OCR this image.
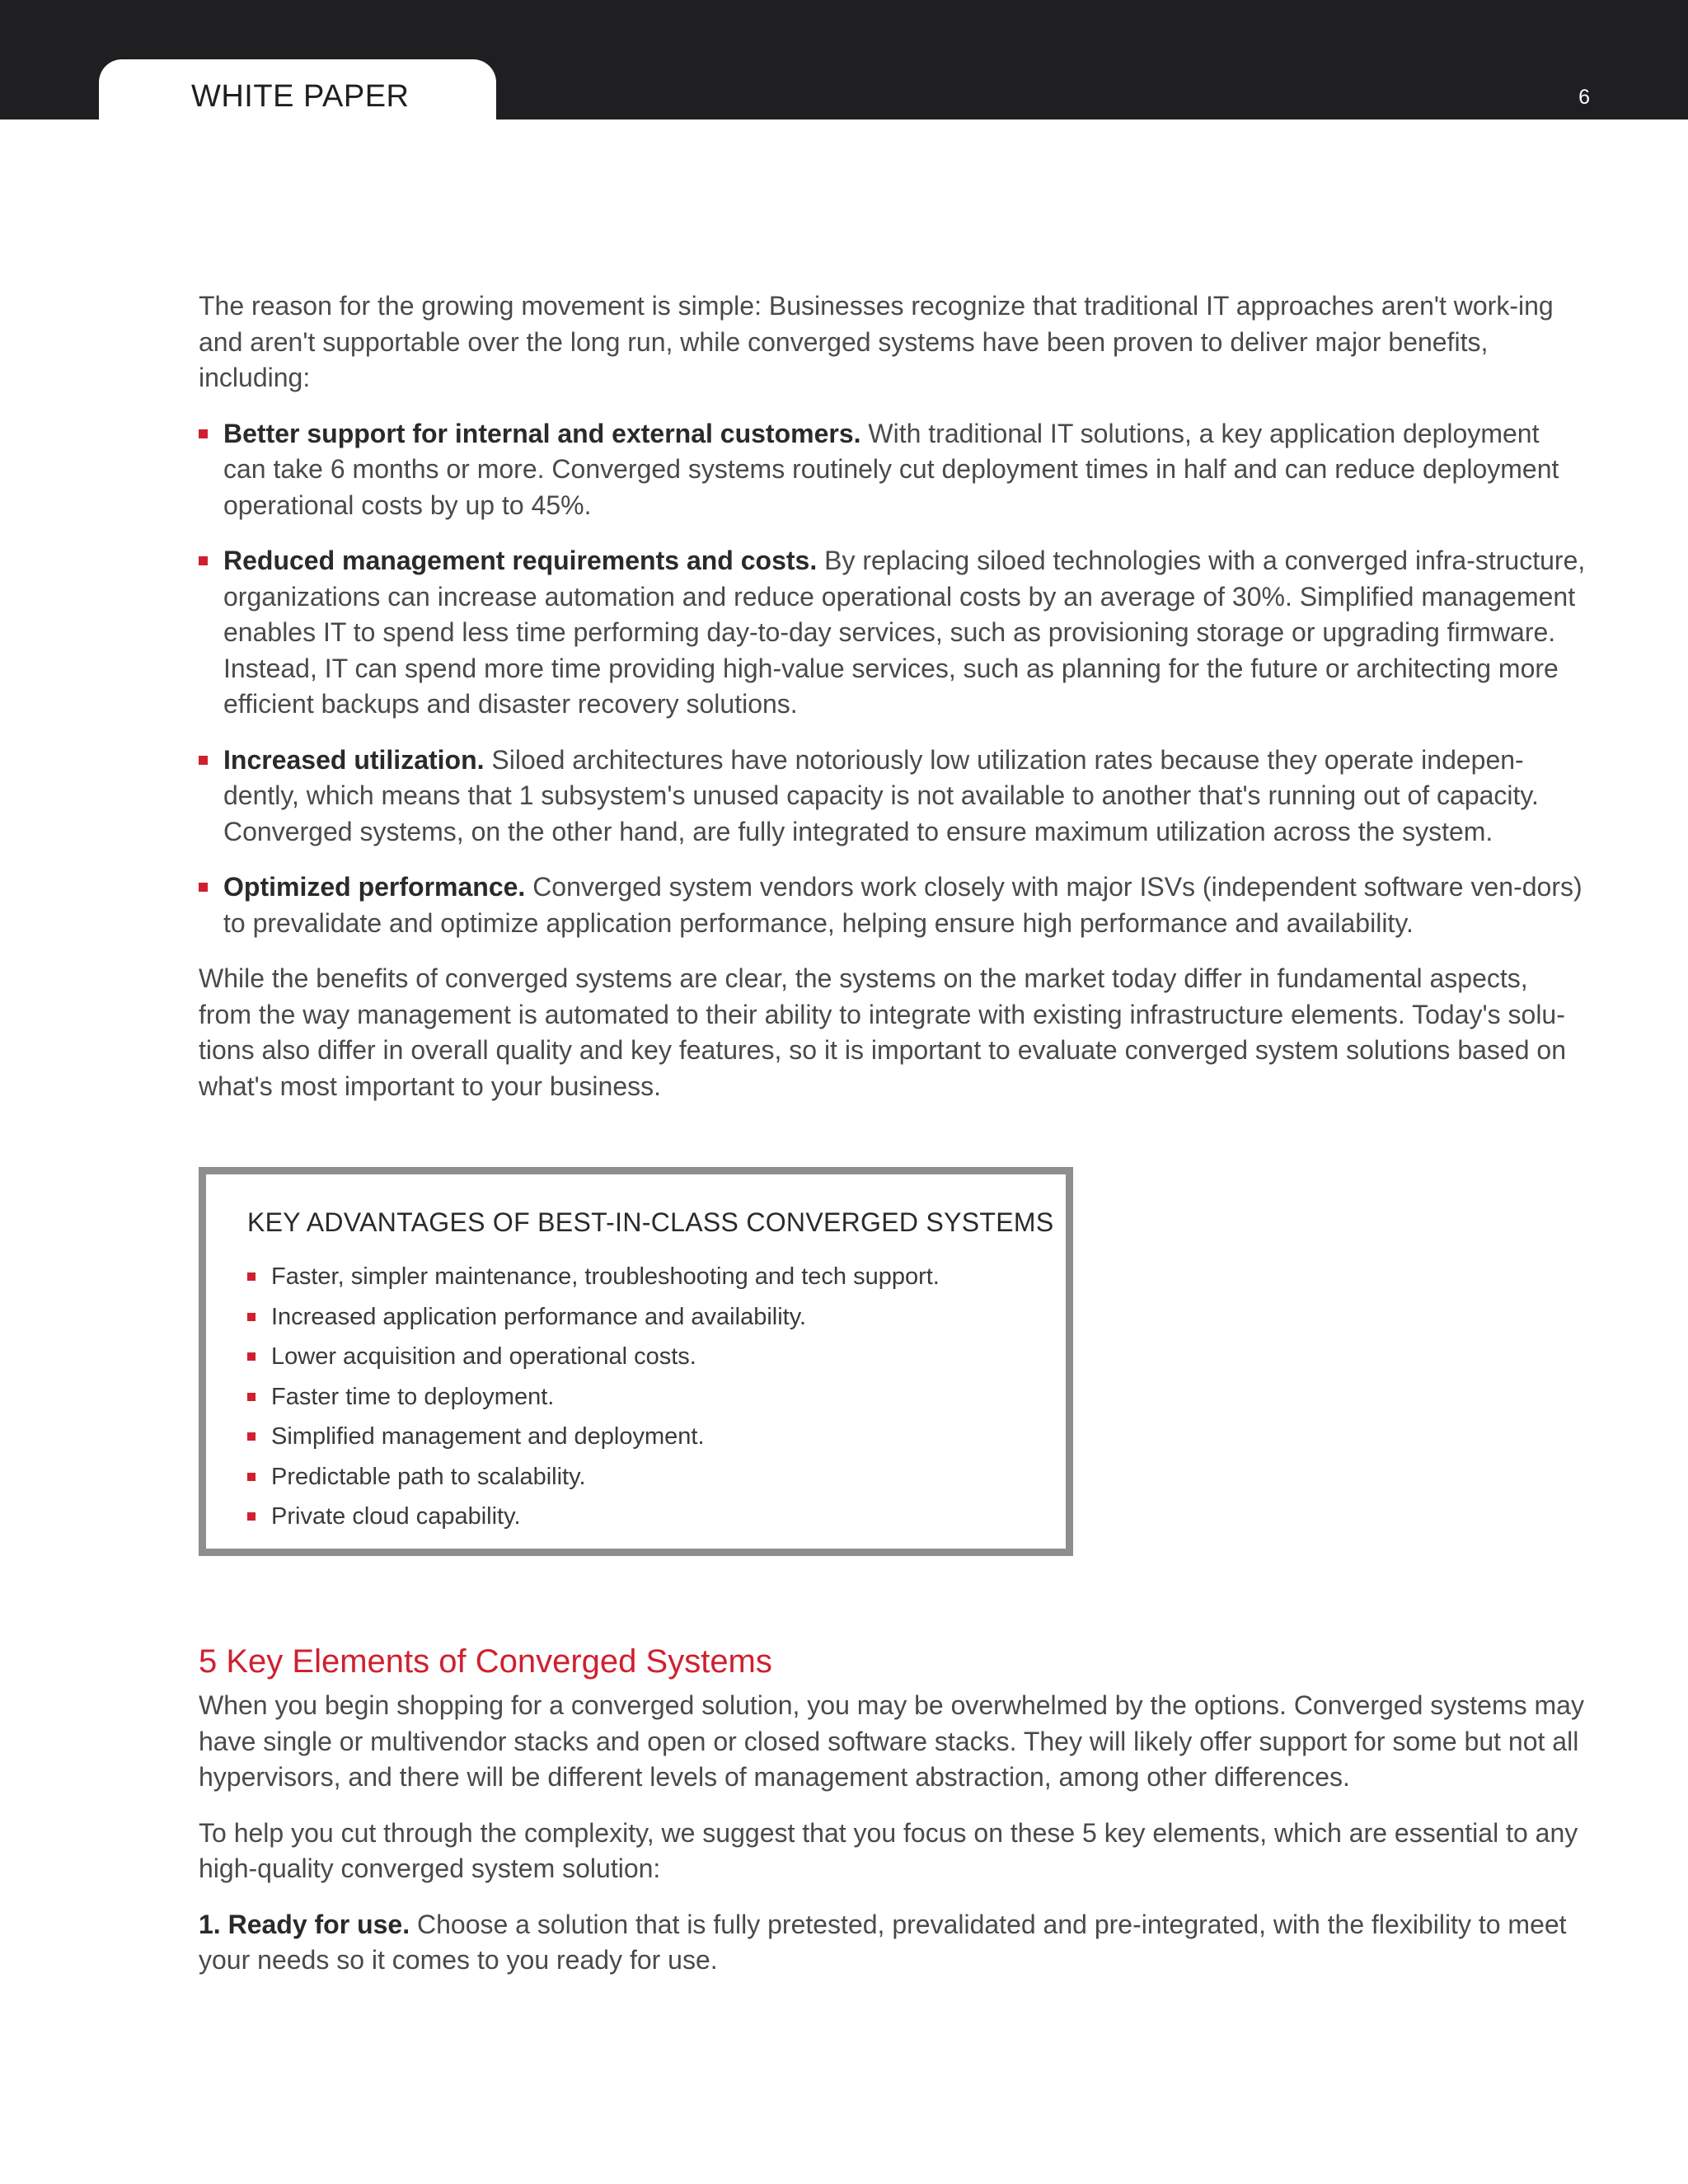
WHITE PAPER	6

The reason for the growing movement is simple: Businesses recognize that traditional IT approaches aren't work-ing and aren't supportable over the long run, while converged systems have been proven to deliver major benefits, including:

Better support for internal and external customers. With traditional IT solutions, a key application deployment can take 6 months or more. Converged systems routinely cut deployment times in half and can reduce deployment operational costs by up to 45%.
Reduced management requirements and costs. By replacing siloed technologies with a converged infra-structure, organizations can increase automation and reduce operational costs by an average of 30%. Simplified management enables IT to spend less time performing day-to-day services, such as provisioning storage or upgrading firmware. Instead, IT can spend more time providing high-value services, such as planning for the future or architecting more efficient backups and disaster recovery solutions.
Increased utilization. Siloed architectures have notoriously low utilization rates because they operate indepen-dently, which means that 1 subsystem's unused capacity is not available to another that's running out of capacity. Converged systems, on the other hand, are fully integrated to ensure maximum utilization across the system.
Optimized performance. Converged system vendors work closely with major ISVs (independent software ven-dors) to prevalidate and optimize application performance, helping ensure high performance and availability.

While the benefits of converged systems are clear, the systems on the market today differ in fundamental aspects, from the way management is automated to their ability to integrate with existing infrastructure elements. Today's solu-tions also differ in overall quality and key features, so it is important to evaluate converged system solutions based on what's most important to your business.

KEY ADVANTAGES OF BEST-IN-CLASS CONVERGED SYSTEMS
Faster, simpler maintenance, troubleshooting and tech support.
Increased application performance and availability.
Lower acquisition and operational costs.
Faster time to deployment.
Simplified management and deployment.
Predictable path to scalability.
Private cloud capability.
5 Key Elements of Converged Systems

When you begin shopping for a converged solution, you may be overwhelmed by the options. Converged systems may have single or multivendor stacks and open or closed software stacks. They will likely offer support for some but not all hypervisors, and there will be different levels of management abstraction, among other differences.

To help you cut through the complexity, we suggest that you focus on these 5 key elements, which are essential to any high-quality converged system solution:

1. Ready for use. Choose a solution that is fully pretested, prevalidated and pre-integrated, with the flexibility to meet your needs so it comes to you ready for use.
